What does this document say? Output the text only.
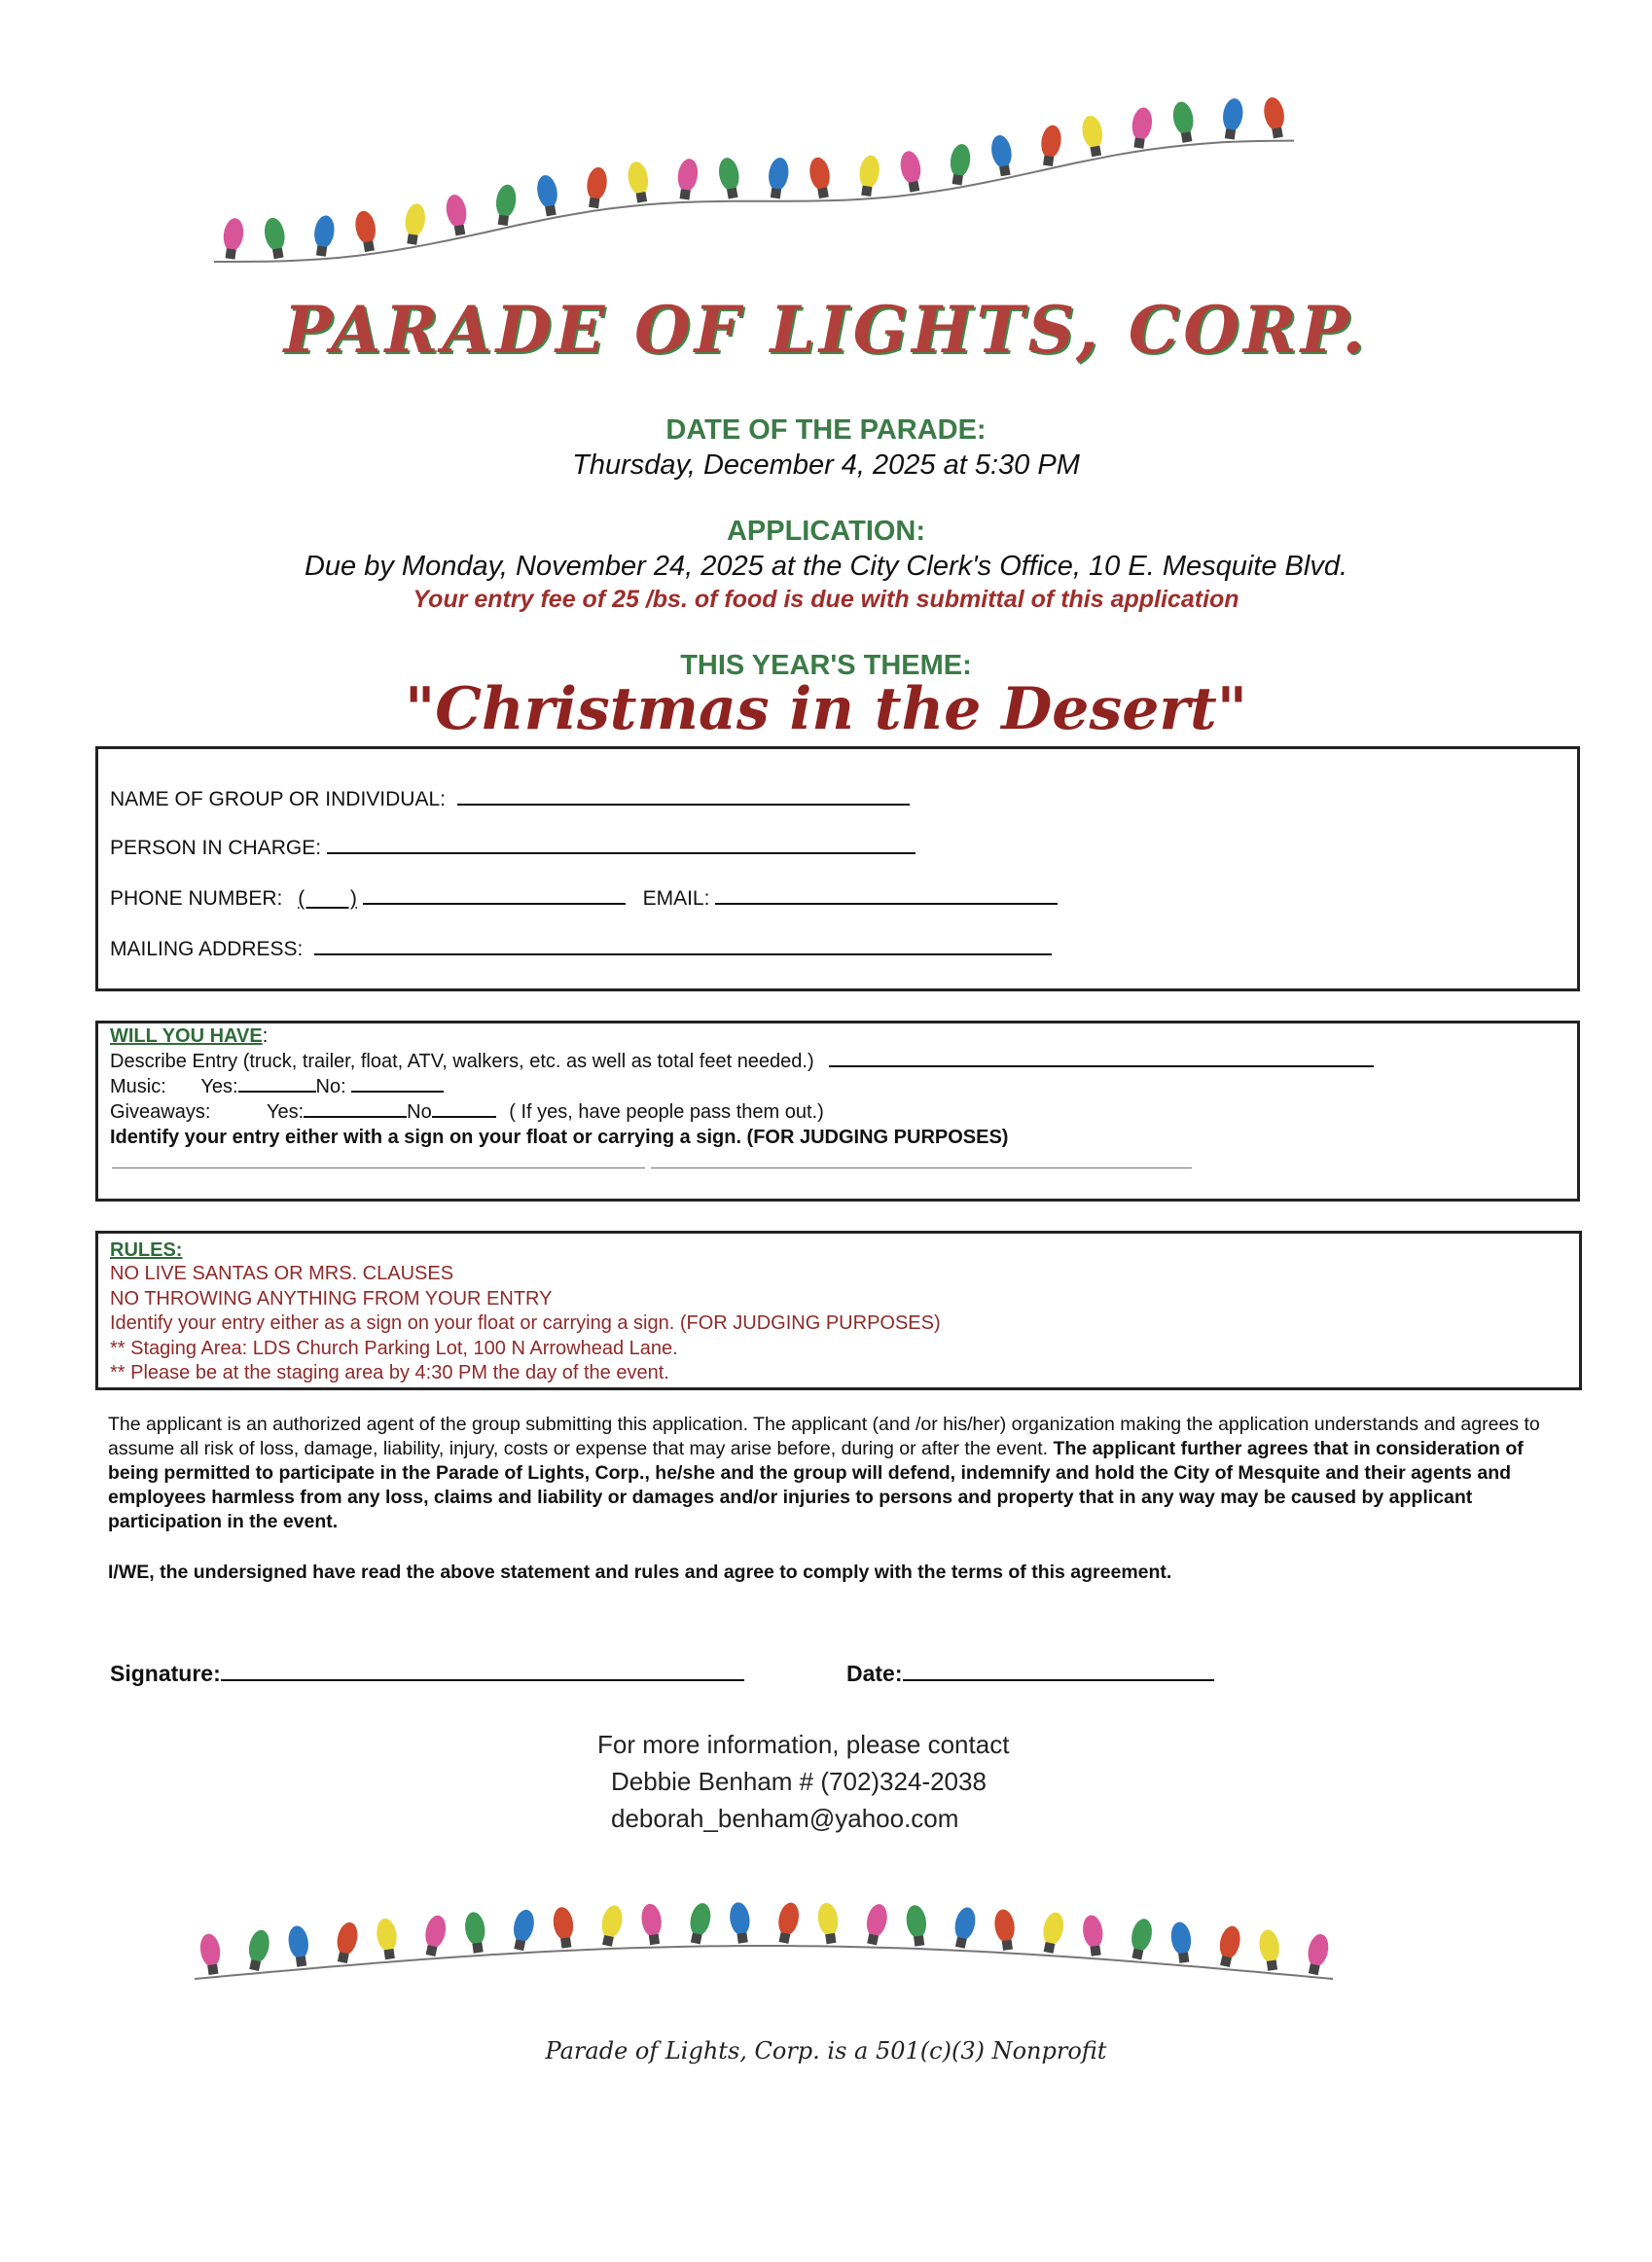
PARADE OF LIGHTS, CORP.
DATE OF THE PARADE:
Thursday, December 4, 2025 at 5:30 PM
APPLICATION:
Due by Monday, November 24, 2025 at the City Clerk's Office, 10 E. Mesquite Blvd.
Your entry fee of 25 /bs. of food is due with submittal of this application
THIS YEAR'S THEME:
"Christmas in the Desert"
NAME OF GROUP OR INDIVIDUAL:
PERSON IN CHARGE:
PHONE NUMBER: (        )	EMAIL:
MAILING ADDRESS:
WILL YOU HAVE:
Describe Entry (truck, trailer, float, ATV, walkers, etc. as well as total feet needed.)
Music: Yes:	No:
Giveaways:	Yes:	No	( If yes, have people pass them out.)
Identify your entry either with a sign on your float or carrying a sign. (FOR JUDGING PURPOSES)
RULES:
NO LIVE SANTAS OR MRS. CLAUSES
NO THROWING ANYTHING FROM YOUR ENTRY
Identify your entry either as a sign on your float or carrying a sign. (FOR JUDGING PURPOSES)
** Staging Area: LDS Church Parking Lot, 100 N Arrowhead Lane.
** Please be at the staging area by 4:30 PM the day of the event.
The applicant is an authorized agent of the group submitting this application. The applicant (and /or his/her) organization making the application understands and agrees to assume all risk of loss, damage, liability, injury, costs or expense that may arise before, during or after the event. The applicant further agrees that in consideration of being permitted to participate in the Parade of Lights, Corp., he/she and the group will defend, indemnify and hold the City of Mesquite and their agents and employees harmless from any loss, claims and liability or damages and/or injuries to persons and property that in any way may be caused by applicant participation in the event.
I/WE, the undersigned have read the above statement and rules and agree to comply with the terms of this agreement.
Signature:	Date:
For more information, please contact
Debbie Benham # (702)324-2038
deborah_benham@yahoo.com
Parade of Lights, Corp. is a 501(c)(3) Nonprofit
